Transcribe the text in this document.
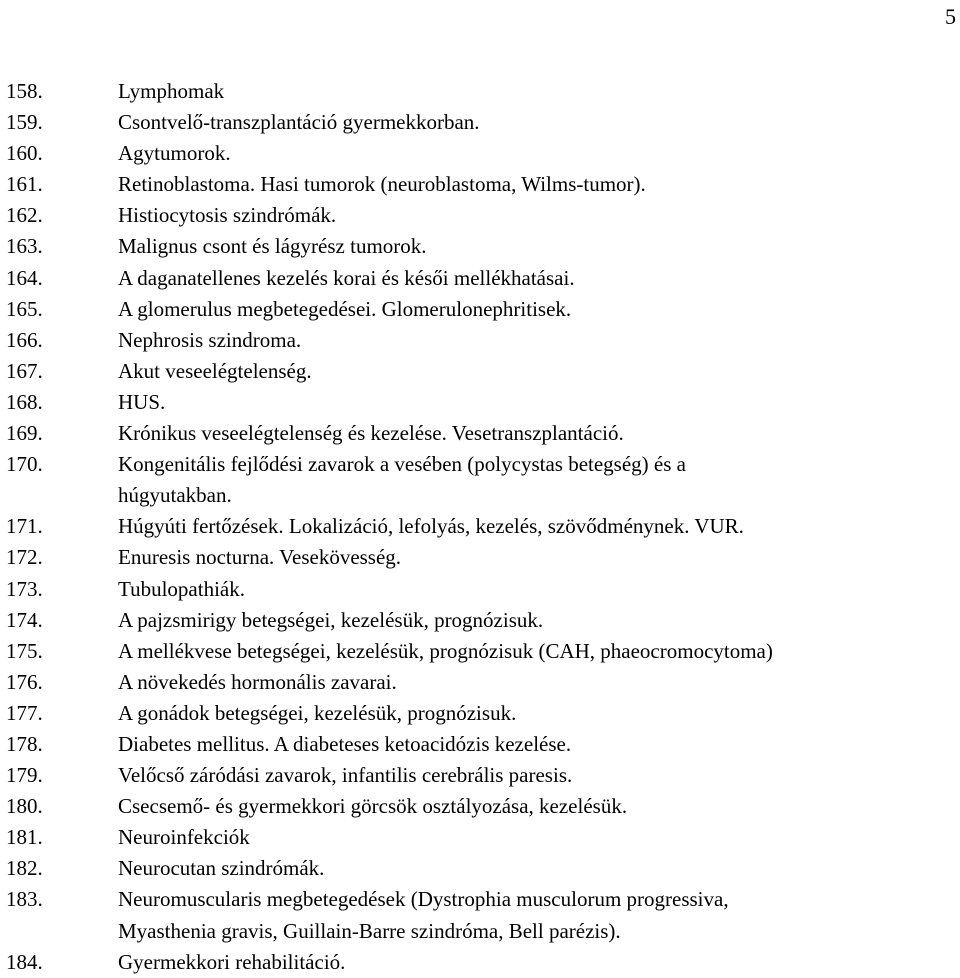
5
158.	Lymphomak
159.	Csontvelő-transzplantáció gyermekkorban.
160.	Agytumorok.
161.	Retinoblastoma. Hasi tumorok (neuroblastoma, Wilms-tumor).
162.	Histiocytosis szindrómák.
163.	Malignus csont és lágyrész tumorok.
164.	A daganatellenes kezelés korai és késői mellékhatásai.
165.	A glomerulus megbetegedései. Glomerulonephritisek.
166.	Nephrosis szindroma.
167.	Akut veseelégtelenség.
168.	HUS.
169.	Krónikus veseelégtelenség és kezelése. Vesetranszplantáció.
170.	Kongenitális fejlődési zavarok a vesében (polycystas betegség) és a
húgyutakban.
171.	Húgyúti fertőzések. Lokalizáció, lefolyás, kezelés, szövődménynek. VUR.
172.	Enuresis nocturna. Vesekövesség.
173.	Tubulopathiák.
174.	A pajzsmirigy betegségei, kezelésük, prognózisuk.
175.	A mellékvese betegségei, kezelésük, prognózisuk (CAH, phaeocromocytoma)
176.	A növekedés hormonális zavarai.
177.	A gonádok betegségei, kezelésük, prognózisuk.
178.	Diabetes mellitus. A diabeteses ketoacidózis kezelése.
179.	Velőcső záródási zavarok, infantilis cerebrális paresis.
180.	Csecsemő- és gyermekkori görcsök osztályozása, kezelésük.
181.	Neuroinfekciók
182.	Neurocutan szindrómák.
183.	Neuromuscularis megbetegedések (Dystrophia musculorum progressiva,
Myasthenia gravis, Guillain-Barre szindróma, Bell parézis).
184.	Gyermekkori rehabilitáció.
